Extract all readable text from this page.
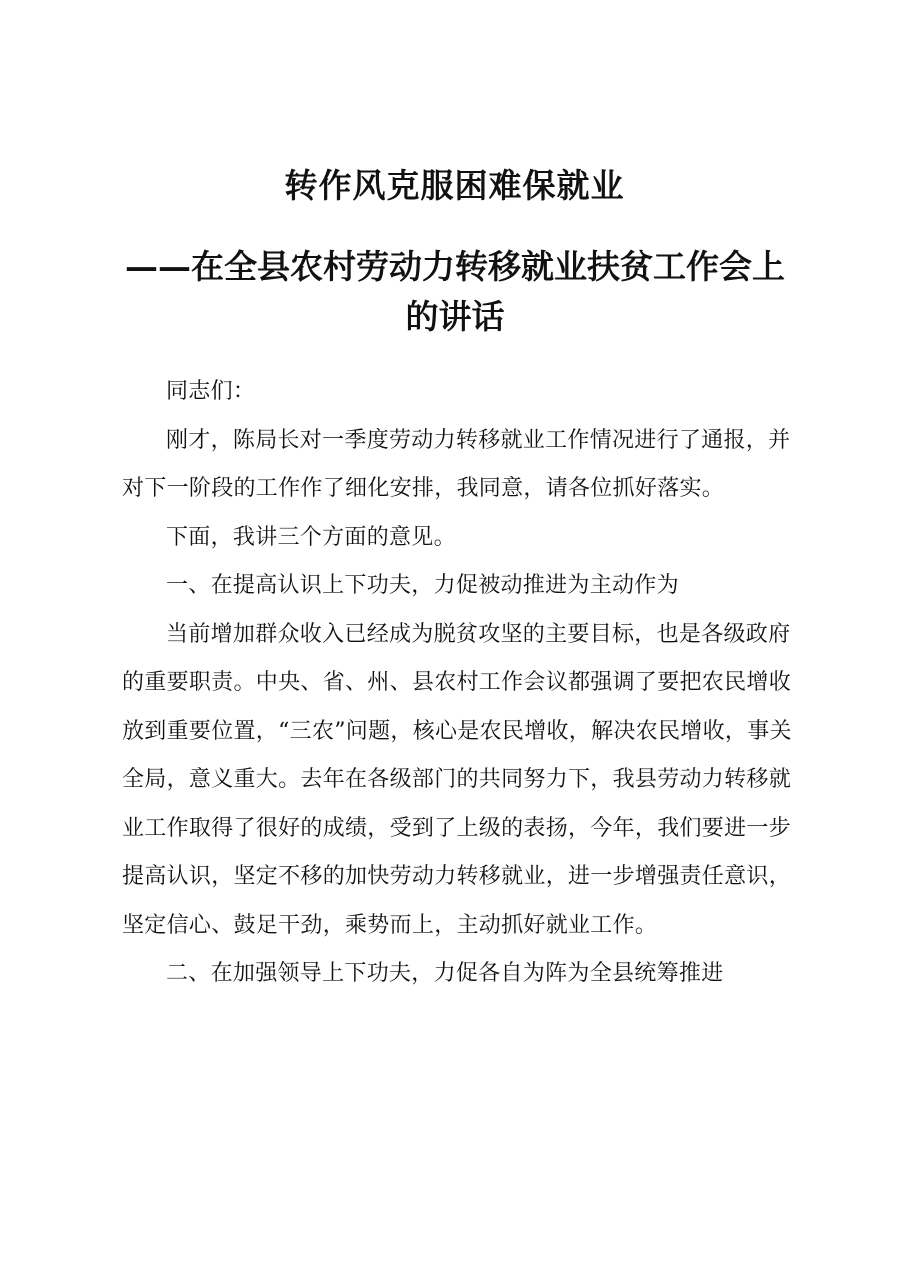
转作风克服困难保就业
——在全县农村劳动力转移就业扶贫工作会上
的讲话

同志们：

刚才，陈局长对一季度劳动力转移就业工作情况进行了通报，并对下一阶段的工作作了细化安排，我同意，请各位抓好落实。

下面，我讲三个方面的意见。

一、在提高认识上下功夫，力促被动推进为主动作为

当前增加群众收入已经成为脱贫攻坚的主要目标，也是各级政府的重要职责。中央、省、州、县农村工作会议都强调了要把农民增收放到重要位置，“三农”问题，核心是农民增收，解决农民增收，事关全局，意义重大。去年在各级部门的共同努力下，我县劳动力转移就业工作取得了很好的成绩，受到了上级的表扬，今年，我们要进一步提高认识，坚定不移的加快劳动力转移就业，进一步增强责任意识，坚定信心、鼓足干劲，乘势而上，主动抓好就业工作。

二、在加强领导上下功夫，力促各自为阵为全县统筹推进
